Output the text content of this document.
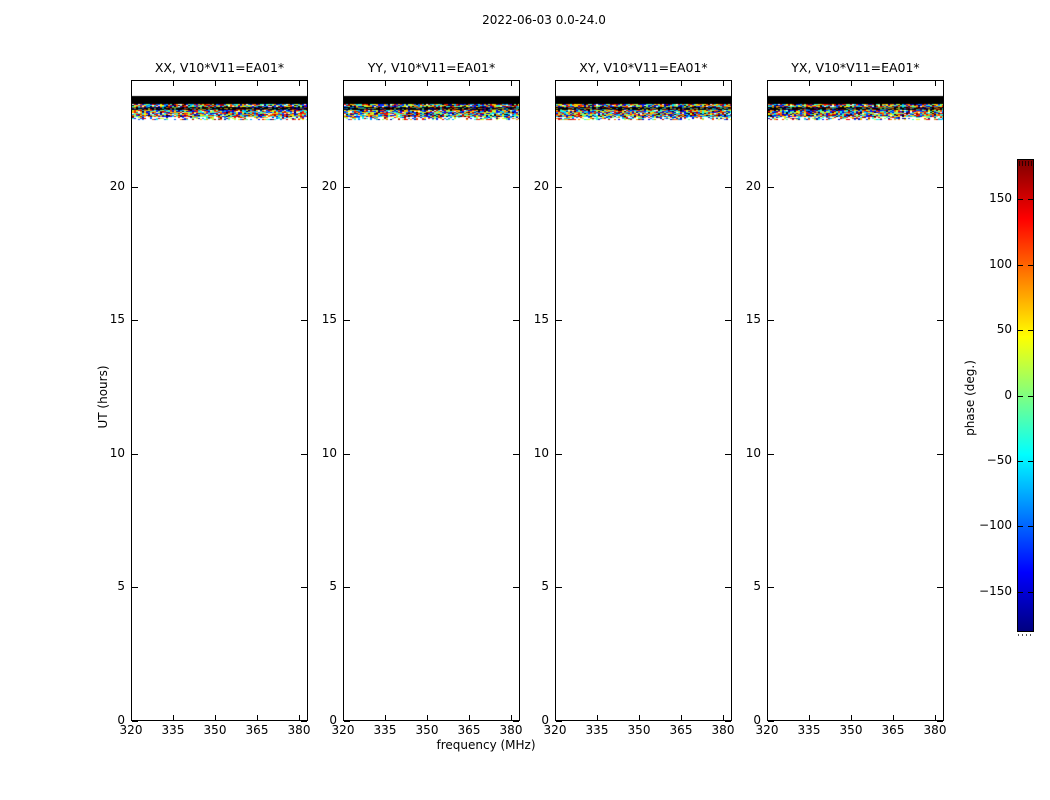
2022-06-03 0.0-24.0
XX, V10*V11=EA01*	YY, V10*V11=EA01*	XY, V10*V11=EA01*	YX, V10*V11=EA01*
UT (hours)
frequency (MHz)
phase (deg.)
320	335	350	365	380
0
5
10
15
20
320	335	350	365	380
0
5
10
15
20
320	335	350	365	380
0
5
10
15
20
320	335	350	365	380
0
5
10
15
20
150
100
50
0
−50
−100
−150
